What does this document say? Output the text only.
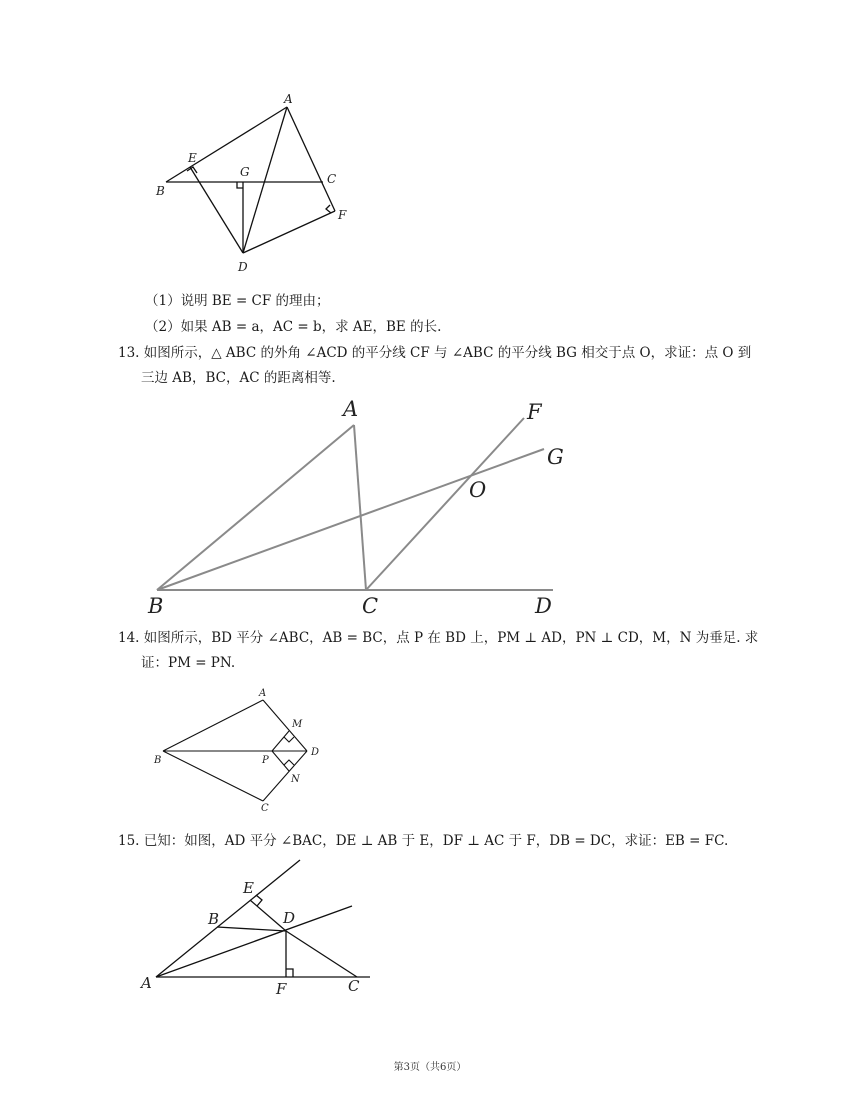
A
E
G	C
B
F
D
（1）说明 BE = CF 的理由；
（2）如果 AB = a，AC = b，求 AE，BE 的长.
13. 如图所示，△ ABC 的外角 ∠ACD 的平分线 CF 与 ∠ABC 的平分线 BG 相交于点 O，求证：点 O 到
三边 AB，BC，AC 的距离相等.
A	F
G
O
B	C	D
14. 如图所示，BD 平分 ∠ABC，AB = BC，点 P 在 BD 上，PM ⊥ AD，PN ⊥ CD，M，N 为垂足. 求
证：PM = PN.
A
M
B	P
D
N
C
15. 已知：如图，AD 平分 ∠BAC，DE ⊥ AB 于 E，DF ⊥ AC 于 F，DB = DC，求证：EB = FC.
E
B	D
A	F	C
第3页（共6页）
